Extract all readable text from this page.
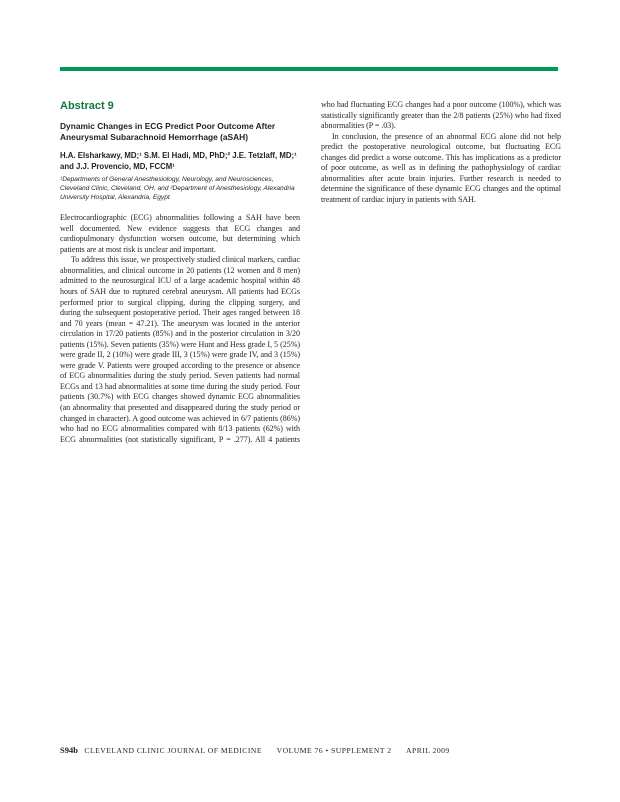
Abstract 9
Dynamic Changes in ECG Predict Poor Outcome After Aneurysmal Subarachnoid Hemorrhage (aSAH)
H.A. Elsharkawy, MD;¹ S.M. El Hadi, MD, PhD;² J.E. Tetzlaff, MD;¹ and J.J. Provencio, MD, FCCM¹
¹Departments of General Anesthesiology, Neurology, and Neurosciences, Cleveland Clinic, Cleveland, OH, and ²Department of Anesthesiology, Alexandria University Hospital, Alexandria, Egypt

Electrocardiographic (ECG) abnormalities following a SAH have been well documented. New evidence suggests that ECG changes and cardiopulmonary dysfunction worsen outcome, but determining which patients are at most risk is unclear and important.

To address this issue, we prospectively studied clinical markers, cardiac abnormalities, and clinical outcome in 20 patients (12 women and 8 men) admitted to the neurosurgical ICU of a large academic hospital within 48 hours of SAH due to ruptured cerebral aneurysm. All patients had ECGs performed prior to surgical clipping, during the clipping surgery, and during the subsequent postoperative period. Their ages ranged between 18 and 70 years (mean = 47.21). The aneurysm was located in the anterior circulation in 17/20 patients (85%) and in the posterior circulation in 3/20 patients (15%). Seven patients (35%) were Hunt and Hess grade I, 5 (25%) were grade II, 2 (10%) were grade III, 3 (15%) were grade IV, and 3 (15%) were grade V. Patients were grouped according to the presence or absence of ECG abnormalities during the study period. Seven patients had normal ECGs and 13 had abnormalities at some time during the study period. Four patients (30.7%) with ECG changes showed dynamic ECG abnormalities (an abnormality that presented and disappeared during the study period or changed in character). A good outcome was achieved in 6/7 patients (86%) who had no ECG abnormalities compared with 8/13 patients (62%) with ECG abnormalities (not statistically significant, P = .277). All 4 patients

who had fluctuating ECG changes had a poor outcome (100%), which was statistically significantly greater than the 2/8 patients (25%) who had fixed abnormalities (P = .03).

In conclusion, the presence of an abnormal ECG alone did not help predict the postoperative neurological outcome, but fluctuating ECG changes did predict a worse outcome. This has implications as a predictor of poor outcome, as well as in defining the pathophysiology of cardiac abnormalities after acute brain injuries. Further research is needed to determine the significance of these dynamic ECG changes and the optimal treatment of cardiac injury in patients with SAH.

S94b CLEVELAND CLINIC JOURNAL OF MEDICINE VOLUME 76 • SUPPLEMENT 2 APRIL 2009
